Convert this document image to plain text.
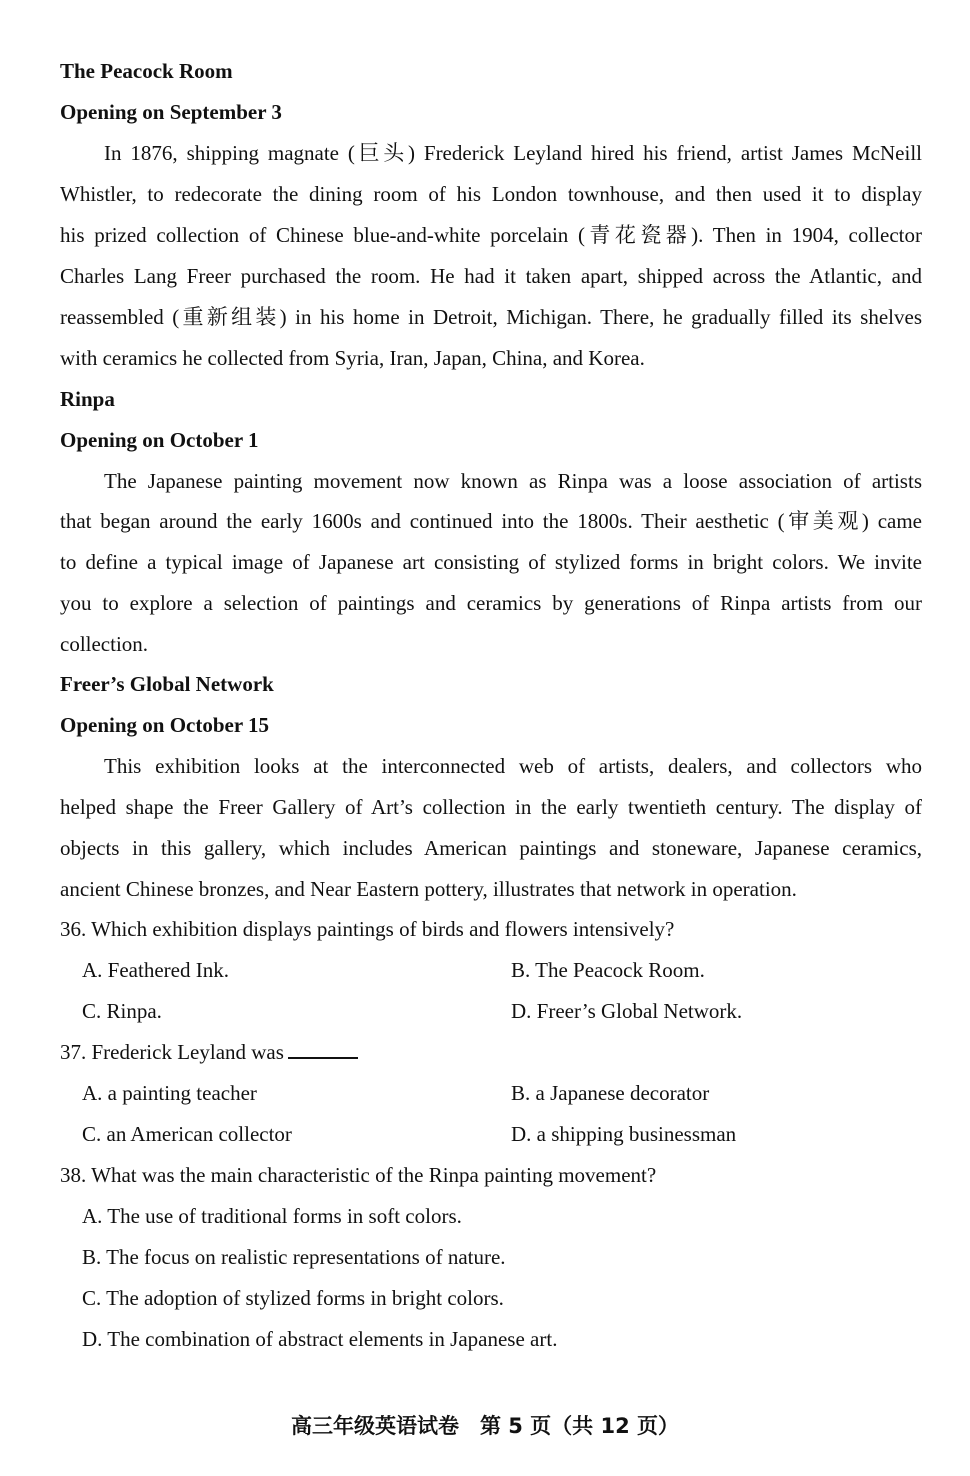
The Peacock Room
Opening on September 3
In 1876, shipping magnate (巨头) Frederick Leyland hired his friend, artist James McNeill
Whistler, to redecorate the dining room of his London townhouse, and then used it to display
his prized collection of Chinese blue-and-white porcelain (青花瓷器). Then in 1904, collector
Charles Lang Freer purchased the room. He had it taken apart, shipped across the Atlantic, and
reassembled (重新组装) in his home in Detroit, Michigan. There, he gradually filled its shelves
with ceramics he collected from Syria, Iran, Japan, China, and Korea.
Rinpa
Opening on October 1
The Japanese painting movement now known as Rinpa was a loose association of artists
that began around the early 1600s and continued into the 1800s. Their aesthetic (审美观) came
to define a typical image of Japanese art consisting of stylized forms in bright colors. We invite
you to explore a selection of paintings and ceramics by generations of Rinpa artists from our
collection.
Freer’s Global Network
Opening on October 15
This exhibition looks at the interconnected web of artists, dealers, and collectors who
helped shape the Freer Gallery of Art’s collection in the early twentieth century. The display of
objects in this gallery, which includes American paintings and stoneware, Japanese ceramics,
ancient Chinese bronzes, and Near Eastern pottery, illustrates that network in operation.
36. Which exhibition displays paintings of birds and flowers intensively?
A. Feathered Ink.	B. The Peacock Room.
C. Rinpa.	D. Freer’s Global Network.
37. Frederick Leyland was
A. a painting teacher	B. a Japanese decorator
C. an American collector	D. a shipping businessman
38. What was the main characteristic of the Rinpa painting movement?
A. The use of traditional forms in soft colors.
B. The focus on realistic representations of nature.
C. The adoption of stylized forms in bright colors.
D. The combination of abstract elements in Japanese art.
高三年级英语试卷　第 5 页（共 12 页）
